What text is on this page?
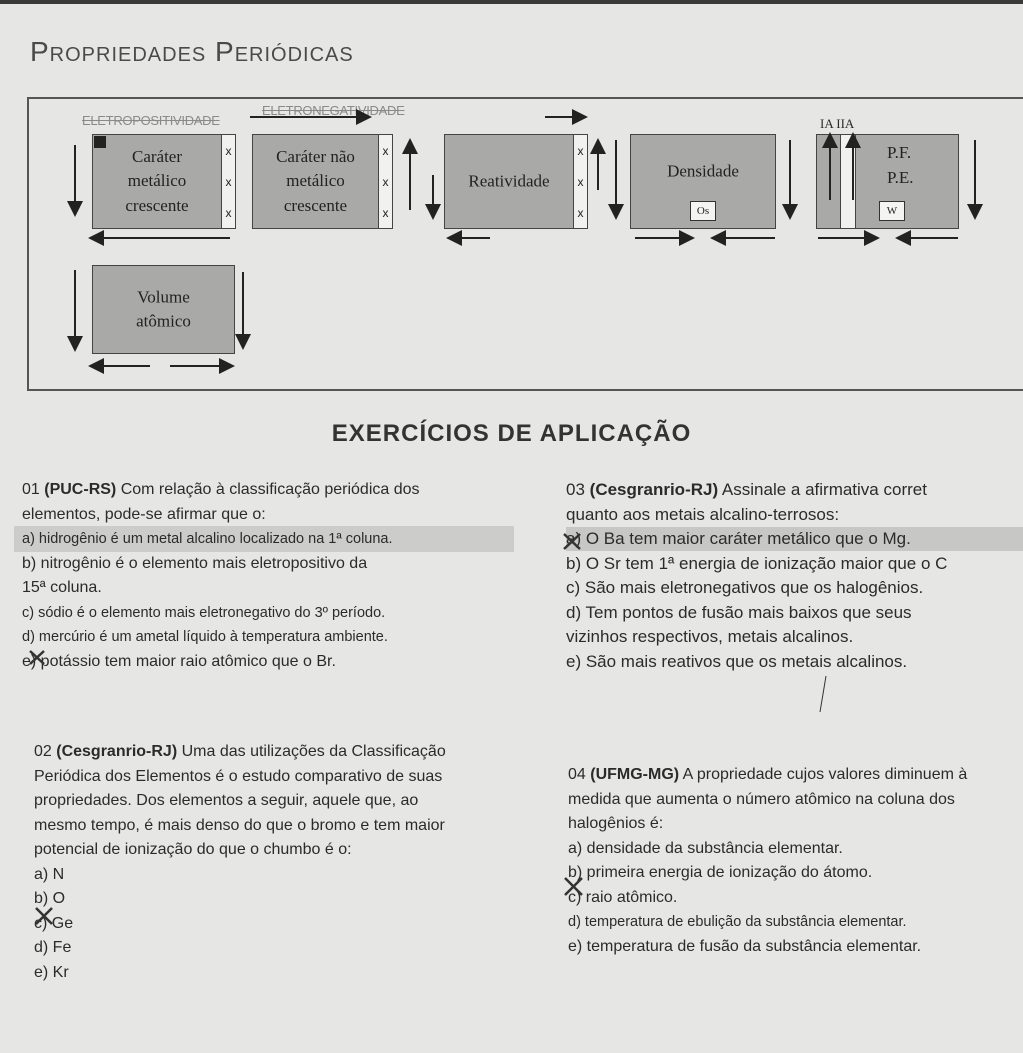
Propriedades Periódicas
ELETROPOSITIVIDADE
ELETRONEGATIVIDADE
IA IIA
Caráter
metálico
crescente
x
x
x
Caráter não
metálico
crescente
x
x
x
Reatividade
x
x
x
Densidade
Os
P.F.
P.E.
W
Volume
atômico
EXERCÍCIOS DE APLICAÇÃO
01 (PUC-RS) Com relação à classificação periódica dos
elementos, pode-se afirmar que o:
a) hidrogênio é um metal alcalino localizado na 1ª coluna.
b) nitrogênio é o elemento mais eletropositivo da
15ª coluna.
c) sódio é o elemento mais eletronegativo do 3º período.
d) mercúrio é um ametal líquido à temperatura ambiente.
e) potássio tem maior raio atômico que o Br.
03 (Cesgranrio-RJ) Assinale a afirmativa corret
quanto aos metais alcalino-terrosos:
a) O Ba tem maior caráter metálico que o Mg.
b) O Sr tem 1ª energia de ionização maior que o C
c) São mais eletronegativos que os halogênios.
d) Tem pontos de fusão mais baixos que seus
vizinhos respectivos, metais alcalinos.
e) São mais reativos que os metais alcalinos.
02 (Cesgranrio-RJ) Uma das utilizações da Classificação
Periódica dos Elementos é o estudo comparativo de suas
propriedades. Dos elementos a seguir, aquele que, ao
mesmo tempo, é mais denso do que o bromo e tem maior
potencial de ionização do que o chumbo é o:
a) N
b) O
c) Ge
d) Fe
e) Kr
04 (UFMG-MG) A propriedade cujos valores diminuem à
medida que aumenta o número atômico na coluna dos
halogênios é:
a) densidade da substância elementar.
b) primeira energia de ionização do átomo.
c) raio atômico.
d) temperatura de ebulição da substância elementar.
e) temperatura de fusão da substância elementar.
